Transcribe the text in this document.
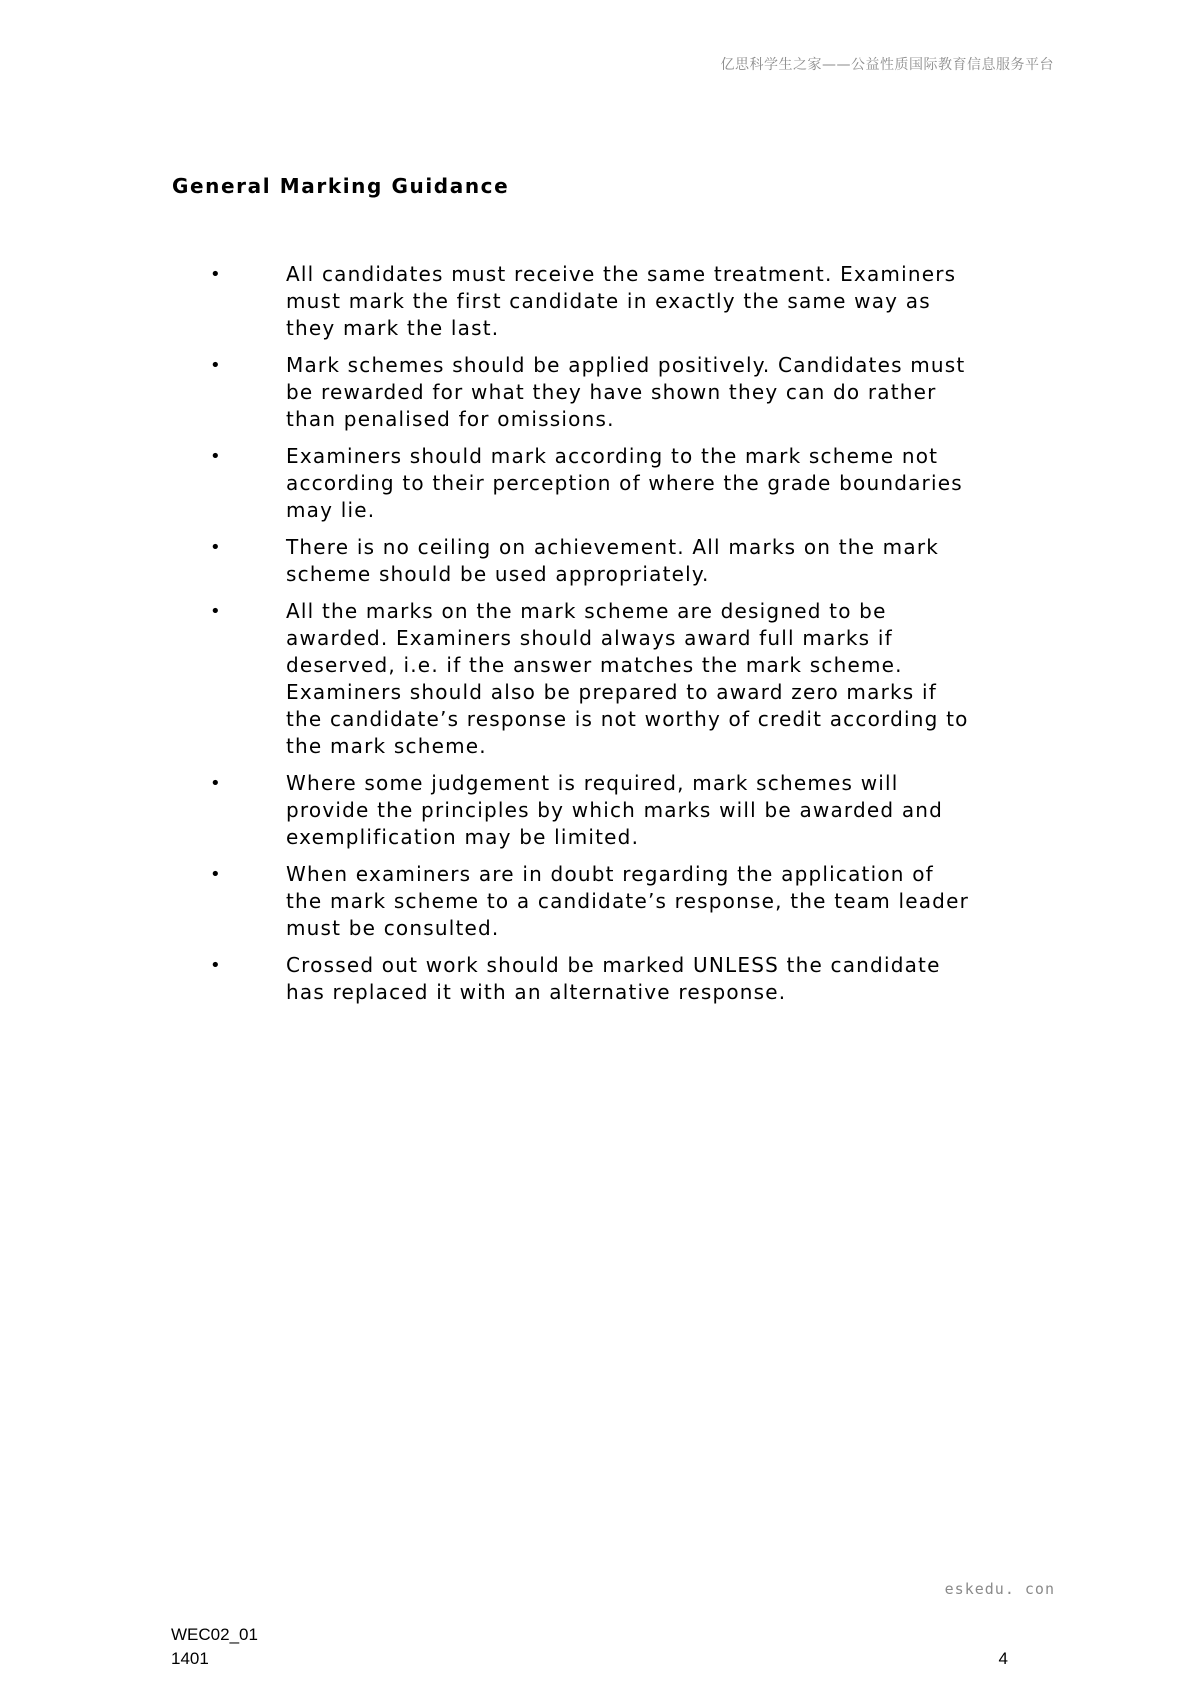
亿思科学生之家——公益性质国际教育信息服务平台
General Marking Guidance
•	All candidates must receive the same treatment. Examiners must mark the first candidate in exactly the same way as they mark the last.
•	Mark schemes should be applied positively. Candidates must be rewarded for what they have shown they can do rather than penalised for omissions.
•	Examiners should mark according to the mark scheme not according to their perception of where the grade boundaries may lie.
•	There is no ceiling on achievement. All marks on the mark scheme should be used appropriately.
•	All the marks on the mark scheme are designed to be awarded. Examiners should always award full marks if deserved, i.e. if the answer matches the mark scheme. Examiners should also be prepared to award zero marks if the candidate’s response is not worthy of credit according to the mark scheme.
•	Where some judgement is required, mark schemes will provide the principles by which marks will be awarded and exemplification may be limited.
•	When examiners are in doubt regarding the application of the mark scheme to a candidate’s response, the team leader must be consulted.
•	Crossed out work should be marked UNLESS the candidate has replaced it with an alternative response.
eskedu. con
WEC02_01
1401	4
